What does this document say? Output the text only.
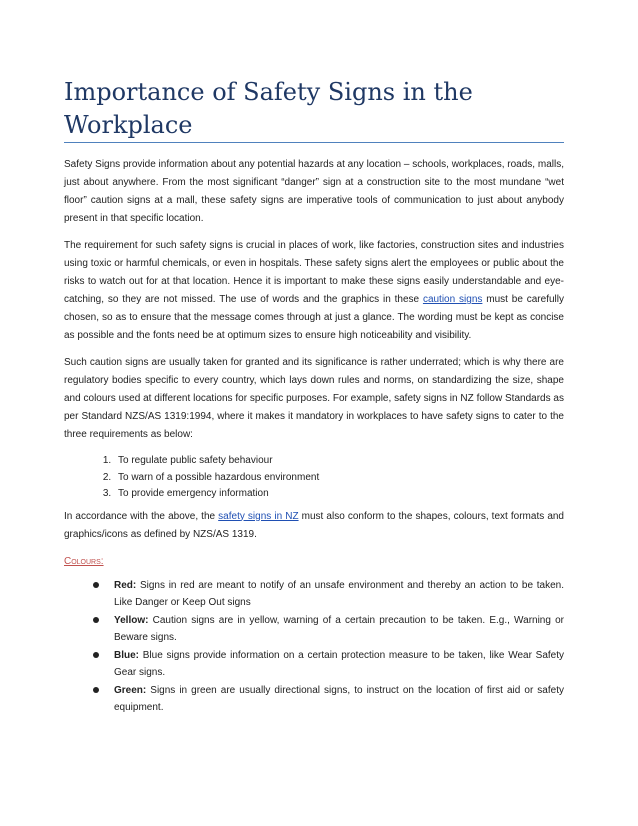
Importance of Safety Signs in the Workplace

Safety Signs provide information about any potential hazards at any location – schools, workplaces, roads, malls, just about anywhere. From the most significant “danger” sign at a construction site to the most mundane “wet floor” caution signs at a mall, these safety signs are imperative tools of communication to just about anybody present in that specific location.

The requirement for such safety signs is crucial in places of work, like factories, construction sites and industries using toxic or harmful chemicals, or even in hospitals. These safety signs alert the employees or public about the risks to watch out for at that location. Hence it is important to make these signs easily understandable and eye-catching, so they are not missed. The use of words and the graphics in these caution signs must be carefully chosen, so as to ensure that the message comes through at just a glance. The wording must be kept as concise as possible and the fonts need be at optimum sizes to ensure high noticeability and visibility.

Such caution signs are usually taken for granted and its significance is rather underrated; which is why there are regulatory bodies specific to every country, which lays down rules and norms, on standardizing the size, shape and colours used at different locations for specific purposes. For example, safety signs in NZ follow Standards as per Standard NZS/AS 1319:1994, where it makes it mandatory in workplaces to have safety signs to cater to the three requirements as below:

1. To regulate public safety behaviour
2. To warn of a possible hazardous environment
3. To provide emergency information

In accordance with the above, the safety signs in NZ must also conform to the shapes, colours, text formats and graphics/icons as defined by NZS/AS 1319.

Colours:
Red: Signs in red are meant to notify of an unsafe environment and thereby an action to be taken. Like Danger or Keep Out signs
Yellow: Caution signs are in yellow, warning of a certain precaution to be taken. E.g., Warning or Beware signs.
Blue: Blue signs provide information on a certain protection measure to be taken, like Wear Safety Gear signs.
Green: Signs in green are usually directional signs, to instruct on the location of first aid or safety equipment.
